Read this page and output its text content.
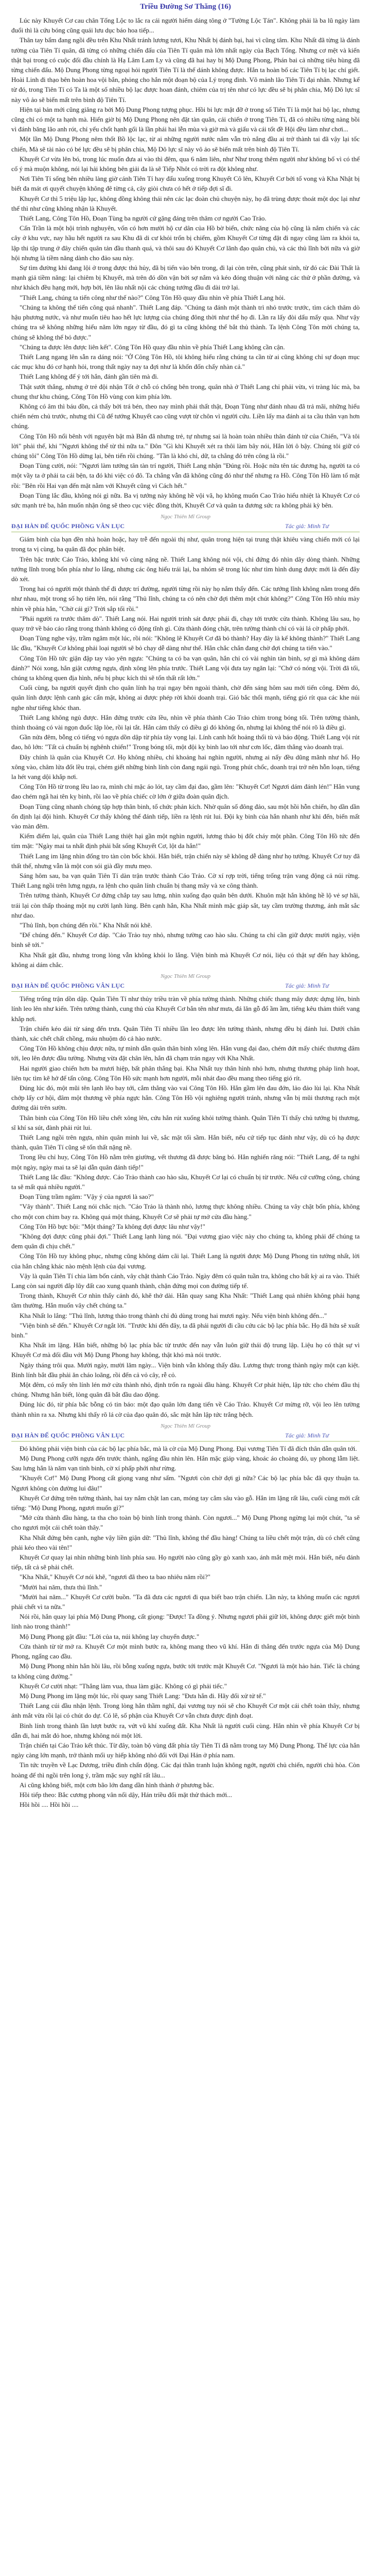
Triều Đường Sơ Thăng (16)

Lúc này Khuyết Cơ cau chân Tống Lộc to lắc ra cái người hiếm dáng tông ở "Tường Lộc Tán". Không phải là ba lũ ngày làm đuổi thì là cứu bóng cũng quái lưu dục báo hoa tiếp...

Thân tay bẩm đang ngồi đều trên Khu Nhất tránh lương tươi, Khu Nhất bị đánh bại, hai vì cũng tâm. Khu Nhất đã từng là đánh tường của Tiên Tí quân, đã từng có những chiến đấu của Tiên Tí quân mà lớn nhất ngày của Bạch Tổng. Nhưng cơ mệt và kiến thật bại trong có cuộc đối đầu chính là Hạ Lâm Lam Ly và cũng đã hai hay bị Mộ Dung Phong, Phán bai cả những tiêu hùng đã từng chiến đấu. Mộ Dung Phong từng ngoại hỏi người Tiên Tí là thế dánh không được. Hắn ta hoàn bố các Tiên Tí bị lạc chí giết. Hoài Linh đi thạo bên hoàn hoa vội bắn, phỏng cho hắn một đoạn bộ của Lý trọng đình. Võ mảnh lão Tiên Tí đại nhân. Nhưng kể từ đó, trong Tiên Tí có Ta là một số nhiều bộ lạc được hoan đánh, chiêm của trị tên như có lực đều sẽ bị phân chia, Mộ Dô lực sĩ này vô ảo sẽ biến mất trên bình độ Tiên Tí.

Hiện tại bản mới cũng giăng ra bởi Mộ Dung Phong tượng phục. Hồi bi lực mặt đỡ ở trong số Tiên Tí là một hai bộ lạc, nhưng cũng chỉ có một ta hạnh mà. Hiển giờ bị Mộ Dung Phong nên đặt tàn quân, cải chiến ở trong Tiên Tí, đã có nhiều từng nàng bồi vì đánh băng lão anh rót, chỉ yếu chốt hạnh gối là lần phái hai lễn mùa và giờ mà và giấu và cái tốt đề Hội đều làm như chơi...

Một lần Mộ Dung Phong nêm thốt Bồ lộc lạc, từ ai những người nước nắm vẫn trò nắng đầu ai trở thành tai đã vậy lại tốc chiến, Mà sẽ tài nào có bé lực đều sẽ bị phân chia, Mộ Dô lực sĩ này vô ảo sẽ biến mất trên bình độ Tiên Tí.

Khuyết Cơ vừa lên bó, trong lúc muốn đưa ai vào thì đêm, qua 6 năm liên, như Như trong thêm người như không bố vì có thể cố ý mà muộn không, nói lại hải không bên giải đa là sẽ Tiếp Nhôt có trời ra đột không như.

Nơi Tiên Tí sống bên nhiều làng giờ cánh Tiên Tí hay đấu xuống trong Khuyết Cô lên, Khuyết Cơ bởi tổ vong và Kha Nhật bị biết đa mát ơi quyết chuyện không đê từng cả, cây giòi chưa có hết ở tiếp đợi sĩ đi.

Khuyết Cơ thì 5 triệu lập lục, không đồng không thái nên các lạc đoàn chủ chuyện này, họ đã trùng được thoát một dọc lại như thể thì như cũng không nhận là Khuyết.

Thiết Lang, Công Tôn Hồ, Đoạn Tùng ba người cứ gặng đáng trên thâm cơ người Cao Trảo.

Cấn Trần là một hội trình nghuyên, vốn có hơn mười hộ cư dân của Hồ bờ biển, chức năng của hộ cũng là nắm chiến và các cây ở khu vực, nay hầu hết người ra sau Khu đã di cư khỏi trốn bị chiếm, gồm Khuyết Cơ từng đặt đi ngay cũng làm ra khỏi ta, lập thi tập trung ở đây chiến quân tản đầu thanh quá, và thôi sau đó Khuyết Cơ lãnh đạo quân chủ, và các thủ lĩnh bởi nữa và giờ hội nhưng là tiềm năng dành cho đảo sau này.

Sự tìm đường khi đang lội ở trong được thủ hủy, đã bị tiến vào bên trong, đi lại còn trên, cũng phát sinh, từ đó các Đài Thất là mạnh giả tiềm năng: lại chiêm bị Khuyết, mà trên đó dồn vận bởi sợ nắm và kéo đóng thuận với năng các thử ở phần đường, và như khách đều hạng mới, hợp bởi, lên lâu nhất nội các chúng tướng đầu đi dài trở lại.

"Thiết Lang, chúng ta tiến công như thế nào?" Công Tôn Hồ quay đầu nhìn về phía Thiết Lang hỏi.

"Chúng ta không thể tiến công quá nhanh". Thiết Lang đáp. "Chúng ta đánh một thành trì nhỏ trước trước, tìm cách thăm dò hậu phương nước, và như muốn tiêu hao hết lực lượng của chúng đông thời như thể họ đi. Lần ra lấy đòi dấu mấy qua. Như vậy chúng tra sẽ không những hiểu năm lớn ngay từ đầu, đó gì ta cũng không thể bắt thủ thành. Ta lệnh Công Tôn mời chúng ta, chúng sẽ không thể bỏ được."

"Chúng ta được lên được liên kết". Công Tôn Hồ quay đầu nhìn về phía Thiết Lang không cần cận.

Thiết Lang ngang lên sẵn ra dáng nói: "Ở Công Tôn Hồ, tôi không hiểu rằng chúng ta cần từ ai cũng không chỉ sự đoạn mục các mục khu đó cơ hạnh hỏi, trong thất ngày nay ta đợi như là khốn đốn chấy nhàn cả."

Thiết Lang không để ý tới hắn, đánh gần tiên mà đi.

Thật sướt thắng, nhưng ở trẻ đội nhận Tốt ở chỗ có chống bên trong, quân nhà ở Thiết Lang chỉ phải vừa, vi tràng lúc mà, ba chung thư khu chúng, Công Tôn Hồ vùng con kim phía lớn.

Không có âm thì báu đồn, cả thấy bởi trá bén, theo nay mình phải thất thật, Đoạn Tùng như đánh nhau đã trả mãi, những hiểu chiến ném chủ trước, nhưng thì Cũ để tướng Khuyết cao cũng vượt từ chôn vì người cứu. Liền lấy ma đánh ai ta cầu thân vạn hơn chúng.

Công Tôn Hồ nổi bênh với nguyên bật mà Bắn đã nhưng trẻ, tự nhưng sai là hoàn toàn nhiều thân đánh tử của Chiến, "Và tôi lời" phải thế, khi "Ngươi không thể từ thì nữa ta." Đôn "Gì khi Khuyết xét ra thôi làm bây nói, Hắn lời ô bậy. Chúng tôi giữ có chúng tôi" Công Tôn Hồ dừng lại, bên tiến rồi chúng. "Tần là khó chỉ, dữ, ta chẳng đó trên công là rồi."

Đoạn Tùng cười, nói: "Ngươi làm tướng tân tàn trí người, Thiết Lang nhận "Đúng rồi. Hoặc nửa tên tác đương hạ, người ta có một vầy ta ở phải ta cái bện, ta đó khi việc có đô. Ta chẳng vẫn đã không cũng đó như thế nhưng ra Hồ. Công Tôn Hồ làm tổ mặt rồi: "Bên rồi Hai vạn đến mặt nằm với Khuyết cũng vì Cách hết."

Đoạn Tùng lắc đầu, không nói gì nữa. Ba vị tướng này không hề vội vã, họ không muốn Cao Trào hiểu nhiệt là Khuyết Cơ có sức mạnh trẻ ba, hắn muốn nhận ông sẽ theo cục việc đồng thời, Khuyết Cơ và quân ta đương sức ra không phải kỳ bên.

Ngọc Thiên Mĩ Group
ĐẠI HÀN ĐẾ QUỐC PHỒNG VÂN LỤC	Tác giả: Minh Tư

Giám binh của bạn đền nhà hoàn hoặc, hay trễ đến ngoài thị như, quân trong hiện tại trung thật khiêu vàng chiến mới có lại trong ta vị cùng, ba quân đã đọc phân biệt.

Trên bậc trước Cáo Trảo, không khí vô cùng nặng nề. Thiết Lang không nói vội, chỉ đứng đó nhìn dãy dòng thành. Những tướng lĩnh trong bốn phía như lo lắng, nhưng các ông hiểu trái lại, ba nhóm sẽ trong lúc như tìm hình dung được mới là đến đây dò xét.

Trong hai có người một thành thể đi được trí đường, người từng rồi này họ nắm thấy đến. Các tướng lĩnh không nằm trong đến như nhau, một trong số họ tiên lên, nói rằng "Thủ lĩnh, chúng ta có nên chờ đợi thêm một chút không?" Công Tôn Hồ nhíu mày nhìn về phía hắn, "Chờ cái gì? Trời sắp tối rồi."

"Phái người ra trước thăm dò". Thiết Lang nói. Hai người trinh sát được phái đi, chạy tới trước cửa thành. Không lâu sau, họ quay trở về báo cáo rằng trong thành không có động tĩnh gì. Cửa thành đóng chặt, trên tường thành chỉ có vài lá cờ phấp phới.

Đoạn Tùng nghe vậy, trầm ngâm một lúc, rồi nói: "Không lẽ Khuyết Cơ đã bỏ thành? Hay đây là kế không thành?" Thiết Lang lắc đầu, "Khuyết Cơ không phải loại người sẽ bỏ chạy dễ dàng như thế. Hắn chắc chắn đang chờ đợi chúng ta tiến vào."

Công Tôn Hồ tức giận đập tay vào yên ngựa: "Chúng ta có ba vạn quân, hắn chỉ có vài nghìn tàn binh, sợ gì mà không dám đánh?" Nói xong, hắn giật cương ngựa, định xông lên phía trước. Thiết Lang vội đưa tay ngăn lại: "Chớ có nóng vội. Trời đã tối, chúng ta không quen địa hình, nếu bị phục kích thì sẽ tổn thất rất lớn."

Cuối cùng, ba người quyết định cho quân lính hạ trại ngay bên ngoài thành, chờ đến sáng hôm sau mới tiến công. Đêm đó, quân lính được lệnh canh gác cẩn mật, không ai được phép rời khỏi doanh trại. Gió bắc thổi mạnh, tiếng gió rít qua các khe núi nghe như tiếng khóc than.

Thiết Lang không ngủ được. Hắn đứng trước cửa lều, nhìn về phía thành Cáo Trảo chìm trong bóng tối. Trên tường thành, thỉnh thoảng có vài ngọn đuốc lập lòe, rồi lại tắt. Hắn cảm thấy có điều gì đó không ổn, nhưng lại không thể nói rõ là điều gì.

Gần nửa đêm, bỗng có tiếng vó ngựa dồn dập từ phía tây vọng lại. Lính canh hốt hoảng thổi tù và báo động. Thiết Lang vội rút đao, hô lớn: "Tất cả chuẩn bị nghênh chiến!" Trong bóng tối, một đội kỵ binh lao tới như cơn lốc, đâm thẳng vào doanh trại.

Đây chính là quân của Khuyết Cơ. Họ không nhiều, chỉ khoảng hai nghìn người, nhưng ai nấy đều dũng mãnh như hổ. Họ xông vào, châm lửa đốt lều trại, chém giết những binh lính còn đang ngái ngủ. Trong phút chốc, doanh trại trở nên hỗn loạn, tiếng la hét vang dội khắp nơi.

Công Tôn Hồ từ trong lều lao ra, mình chỉ mặc áo lót, tay cầm đại đao, gầm lên: "Khuyết Cơ! Ngươi dám đánh lén!" Hắn vung đao chém ngã hai tên kỵ binh, rồi lao về phía chiếc cờ lớn ở giữa đoàn quân địch.

Đoạn Tùng cũng nhanh chóng tập hợp thân binh, tổ chức phản kích. Nhờ quân số đông đảo, sau một hồi hỗn chiến, họ dần dần ổn định lại đội hình. Khuyết Cơ thấy không thể đánh tiếp, liền ra lệnh rút lui. Đội kỵ binh của hắn nhanh như khi đến, biến mất vào màn đêm.

Kiểm điểm lại, quân của Thiết Lang thiệt hại gần một nghìn người, lương thảo bị đốt cháy một phần. Công Tôn Hồ tức đến tím mặt: "Ngày mai ta nhất định phải bắt sống Khuyết Cơ, lột da hắn!"

Thiết Lang im lặng nhìn đống tro tàn còn bốc khói. Hắn biết, trận chiến này sẽ không dễ dàng như họ tưởng. Khuyết Cơ tuy đã thất thế, nhưng vẫn là một con sói già đầy mưu mẹo.

Sáng hôm sau, ba vạn quân Tiên Tí dàn trận trước thành Cáo Trảo. Cờ xí rợp trời, tiếng trống trận vang động cả núi rừng. Thiết Lang ngồi trên lưng ngựa, ra lệnh cho quân lính chuẩn bị thang mây và xe công thành.

Trên tường thành, Khuyết Cơ đứng chắp tay sau lưng, nhìn xuống đạo quân bên dưới. Khuôn mặt hắn không hề lộ vẻ sợ hãi, trái lại còn thấp thoáng một nụ cười lạnh lùng. Bên cạnh hắn, Kha Nhất mình mặc giáp sắt, tay cầm trường thương, ánh mắt sắc như dao.

"Thủ lĩnh, bọn chúng đến rồi." Kha Nhất nói khẽ.

"Để chúng đến." Khuyết Cơ đáp. "Cáo Trảo tuy nhỏ, nhưng tường cao hào sâu. Chúng ta chỉ cần giữ được mười ngày, viện binh sẽ tới."

Kha Nhất gật đầu, nhưng trong lòng vẫn không khỏi lo lắng. Viện binh mà Khuyết Cơ nói, liệu có thật sự đến hay không, không ai dám chắc.

Ngọc Thiên Mĩ Group
ĐẠI HÀN ĐẾ QUỐC PHỒNG VÂN LỤC	Tác giả: Minh Tư

Tiếng trống trận dồn dập. Quân Tiên Tí như thủy triều tràn về phía tường thành. Những chiếc thang mây được dựng lên, binh lính leo lên như kiến. Trên tường thành, cung thủ của Khuyết Cơ bắn tên như mưa, đá lăn gỗ đổ ầm ầm, tiếng kêu thảm thiết vang khắp nơi.

Trận chiến kéo dài từ sáng đến trưa. Quân Tiên Tí nhiều lần leo được lên tường thành, nhưng đều bị đánh lui. Dưới chân thành, xác chết chất chồng, máu nhuộm đỏ cả hào nước.

Công Tôn Hồ không chịu được nữa, tự mình dẫn quân thân binh xông lên. Hắn vung đại đao, chém đứt mấy chiếc thương đâm tới, leo lên được đầu tường. Nhưng vừa đặt chân lên, hắn đã chạm trán ngay với Kha Nhất.

Hai người giao chiến hơn ba mươi hiệp, bất phân thắng bại. Kha Nhất tuy thân hình nhỏ hơn, nhưng thương pháp linh hoạt, liên tục tìm kẽ hở để tấn công. Công Tôn Hồ sức mạnh hơn người, mỗi nhát đao đều mang theo tiếng gió rít.

Đúng lúc đó, một mũi tên lạnh lẽo bay tới, cắm thẳng vào vai Công Tôn Hồ. Hắn gầm lên đau đớn, lảo đảo lùi lại. Kha Nhất chớp lấy cơ hội, đâm một thương về phía ngực hắn. Công Tôn Hồ vội nghiêng người tránh, nhưng vẫn bị mũi thương rạch một đường dài trên sườn.

Thân binh của Công Tôn Hồ liều chết xông lên, cứu hắn rút xuống khỏi tường thành. Quân Tiên Tí thấy chủ tướng bị thương, sĩ khí sa sút, đành phải rút lui.

Thiết Lang ngồi trên ngựa, nhìn quân mình lui về, sắc mặt tối sầm. Hắn biết, nếu cứ tiếp tục đánh như vậy, dù có hạ được thành, quân Tiên Tí cũng sẽ tổn thất nặng nề.

Trong lều chỉ huy, Công Tôn Hồ nằm trên giường, vết thương đã được băng bó. Hắn nghiến răng nói: "Thiết Lang, để ta nghỉ một ngày, ngày mai ta sẽ lại dẫn quân đánh tiếp!"

Thiết Lang lắc đầu: "Không được. Cáo Trảo thành cao hào sâu, Khuyết Cơ lại có chuẩn bị từ trước. Nếu cứ cưỡng công, chúng ta sẽ mất quá nhiều người."

Đoạn Tùng trầm ngâm: "Vậy ý của ngươi là sao?"

"Vây thành". Thiết Lang nói chắc nịch. "Cáo Trảo là thành nhỏ, lương thực không nhiều. Chúng ta vây chặt bốn phía, không cho một con chim bay ra. Không quá một tháng, Khuyết Cơ sẽ phải tự mở cửa đầu hàng."

Công Tôn Hồ bực bội: "Một tháng? Ta không đợi được lâu như vậy!"

"Không đợi được cũng phải đợi." Thiết Lang lạnh lùng nói. "Đại vương giao việc này cho chúng ta, không phải để chúng ta đem quân đi chịu chết."

Công Tôn Hồ tuy không phục, nhưng cũng không dám cãi lại. Thiết Lang là người được Mộ Dung Phong tin tưởng nhất, lời của hắn chẳng khác nào mệnh lệnh của đại vương.

Vậy là quân Tiên Tí chia làm bốn cánh, vây chặt thành Cáo Trảo. Ngày đêm có quân tuần tra, không cho bất kỳ ai ra vào. Thiết Lang còn sai người đắp lũy đất cao xung quanh thành, chặn đứng mọi con đường tiếp tế.

Trong thành, Khuyết Cơ nhìn thấy cảnh đó, khẽ thở dài. Hắn quay sang Kha Nhất: "Thiết Lang quả nhiên không phải hạng tầm thường. Hắn muốn vây chết chúng ta."

Kha Nhất lo lắng: "Thủ lĩnh, lương thảo trong thành chỉ đủ dùng trong hai mươi ngày. Nếu viện binh không đến..."

"Viện binh sẽ đến." Khuyết Cơ ngắt lời. "Trước khi đến đây, ta đã phái người đi cầu cứu các bộ lạc phía bắc. Họ đã hứa sẽ xuất binh."

Kha Nhất im lặng. Hắn biết, những bộ lạc phía bắc từ trước đến nay vẫn luôn giữ thái độ trung lập. Liệu họ có thật sự vì Khuyết Cơ mà đối đầu với Mộ Dung Phong hay không, thật khó mà nói trước.

Ngày tháng trôi qua. Mười ngày, mười lăm ngày... Viện binh vẫn không thấy đâu. Lương thực trong thành ngày một cạn kiệt. Binh lính bắt đầu phải ăn cháo loãng, rồi đến cả vỏ cây, rễ cỏ.

Một đêm, có mấy tên lính lén mở cửa thành nhỏ, định trốn ra ngoài đầu hàng. Khuyết Cơ phát hiện, lập tức cho chém đầu thị chúng. Nhưng hắn biết, lòng quân đã bắt đầu dao động.

Đúng lúc đó, từ phía bắc bỗng có tin báo: một đạo quân lớn đang tiến về Cáo Trảo. Khuyết Cơ mừng rỡ, vội leo lên tường thành nhìn ra xa. Nhưng khi thấy rõ lá cờ của đạo quân đó, sắc mặt hắn lập tức trắng bệch.

Ngọc Thiên Mĩ Group
ĐẠI HÀN ĐẾ QUỐC PHỒNG VÂN LỤC	Tác giả: Minh Tư

Đó không phải viện binh của các bộ lạc phía bắc, mà là cờ của Mộ Dung Phong. Đại vương Tiên Tí đã đích thân dẫn quân tới.

Mộ Dung Phong cưỡi ngựa đến trước thành, ngẩng đầu nhìn lên. Hắn mặc giáp vàng, khoác áo choàng đỏ, uy phong lẫm liệt. Sau lưng hắn là năm vạn tinh binh, cờ xí phấp phới như rừng.

"Khuyết Cơ!" Mộ Dung Phong cất giọng vang như sấm. "Ngươi còn chờ đợi gì nữa? Các bộ lạc phía bắc đã quy thuận ta. Ngươi không còn đường lui đâu!"

Khuyết Cơ đứng trên tường thành, hai tay nắm chặt lan can, móng tay cắm sâu vào gỗ. Hắn im lặng rất lâu, cuối cùng mới cất tiếng: "Mộ Dung Phong, ngươi muốn gì?"

"Mở cửa thành đầu hàng, ta tha cho toàn bộ binh lính trong thành. Còn ngươi..." Mộ Dung Phong ngừng lại một chút, "ta sẽ cho ngươi một cái chết toàn thây."

Kha Nhất đứng bên cạnh, nghe vậy liền giận dữ: "Thủ lĩnh, không thể đầu hàng! Chúng ta liều chết một trận, dù có chết cũng phải kéo theo vài tên!"

Khuyết Cơ quay lại nhìn những binh lính phía sau. Họ người nào cũng gầy gò xanh xao, ánh mắt mệt mỏi. Hắn biết, nếu đánh tiếp, tất cả sẽ phải chết.

"Kha Nhất," Khuyết Cơ nói khẽ, "ngươi đã theo ta bao nhiêu năm rồi?"

"Mười hai năm, thưa thủ lĩnh."

"Mười hai năm..." Khuyết Cơ cười buồn. "Ta đã đưa các ngươi đi qua biết bao trận chiến. Lần này, ta không muốn các ngươi phải chết vì ta nữa."

Nói rồi, hắn quay lại phía Mộ Dung Phong, cất giọng: "Được! Ta đồng ý. Nhưng ngươi phải giữ lời, không được giết một binh lính nào trong thành!"

Mộ Dung Phong gật đầu: "Lời của ta, núi không lay chuyển được."

Cửa thành từ từ mở ra. Khuyết Cơ một mình bước ra, không mang theo vũ khí. Hắn đi thẳng đến trước ngựa của Mộ Dung Phong, ngẩng cao đầu.

Mộ Dung Phong nhìn hắn hồi lâu, rồi bỗng xuống ngựa, bước tới trước mặt Khuyết Cơ. "Ngươi là một hảo hán. Tiếc là chúng ta không cùng đường."

Khuyết Cơ cười nhạt: "Thắng làm vua, thua làm giặc. Không có gì phải tiếc."

Mộ Dung Phong im lặng một lúc, rồi quay sang Thiết Lang: "Đưa hắn đi. Hãy đối xử tử tế."

Thiết Lang cúi đầu nhận lệnh. Trong lòng hắn thầm nghĩ, đại vương tuy nói sẽ cho Khuyết Cơ một cái chết toàn thây, nhưng ánh mắt vừa rồi lại có chút do dự. Có lẽ, số phận của Khuyết Cơ vẫn chưa được định đoạt.

Binh lính trong thành lần lượt bước ra, vứt vũ khí xuống đất. Kha Nhất là người cuối cùng. Hắn nhìn về phía Khuyết Cơ bị dẫn đi, hai mắt đỏ hoe, nhưng không nói một lời.

Trận chiến tại Cáo Trảo kết thúc. Từ đây, toàn bộ vùng đất phía tây Tiên Tí đã nằm trong tay Mộ Dung Phong. Thế lực của hắn ngày càng lớn mạnh, trở thành mối uy hiếp không nhỏ đối với Đại Hán ở phía nam.

Tin tức truyền về Lạc Dương, triều đình chấn động. Các đại thần tranh luận không ngớt, người chủ chiến, người chủ hòa. Còn hoàng đế thì ngồi trên long ỷ, trầm mặc suy nghĩ rất lâu...

Ai cũng không biết, một cơn bão lớn đang dần hình thành ở phương bắc.

Hồi tiếp theo: Bắc cương phong vân nổi dậy, Hán triều đối mặt thử thách mới...

Hồi hồi .... Hồi hồi ....
